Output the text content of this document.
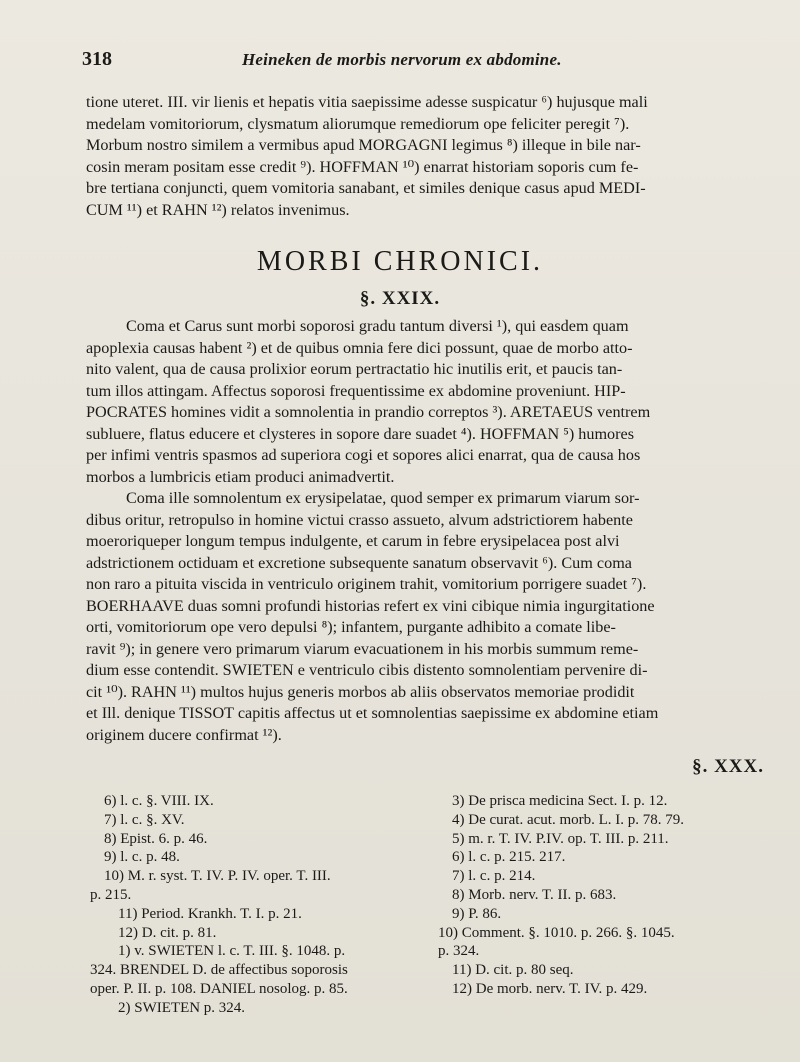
318	Heineken de morbis nervorum ex abdomine.
tione uteret. III. vir lienis et hepatis vitia saepissime adesse suspicatur ⁶) hujusque mali
medelam vomitoriorum, clysmatum aliorumque remediorum ope feliciter peregit ⁷).
Morbum nostro similem a vermibus apud MORGAGNI legimus ⁸) illeque in bile nar-
cosin meram positam esse credit ⁹). HOFFMAN ¹⁰) enarrat historiam soporis cum fe-
bre tertiana conjuncti, quem vomitoria sanabant, et similes denique casus apud MEDI-
CUM ¹¹) et RAHN ¹²) relatos invenimus.
MORBI CHRONICI.
§. XXIX.
Coma et Carus sunt morbi soporosi gradu tantum diversi ¹), qui easdem quam
apoplexia causas habent ²) et de quibus omnia fere dici possunt, quae de morbo atto-
nito valent, qua de causa prolixior eorum pertractatio hic inutilis erit, et paucis tan-
tum illos attingam. Affectus soporosi frequentissime ex abdomine proveniunt. HIP-
POCRATES homines vidit a somnolentia in prandio correptos ³). ARETAEUS ventrem
subluere, flatus educere et clysteres in sopore dare suadet ⁴). HOFFMAN ⁵) humores
per infimi ventris spasmos ad superiora cogi et sopores alici enarrat, qua de causa hos
morbos a lumbricis etiam produci animadvertit.
Coma ille somnolentum ex erysipelatae, quod semper ex primarum viarum sor-
dibus oritur, retropulso in homine victui crasso assueto, alvum adstrictiorem habente
moeroriqueper longum tempus indulgente, et carum in febre erysipelacea post alvi
adstrictionem octiduam et excretione subsequente sanatum observavit ⁶). Cum coma
non raro a pituita viscida in ventriculo originem trahit, vomitorium porrigere suadet ⁷).
BOERHAAVE duas somni profundi historias refert ex vini cibique nimia ingurgitatione
orti, vomitoriorum ope vero depulsi ⁸); infantem, purgante adhibito a comate libe-
ravit ⁹); in genere vero primarum viarum evacuationem in his morbis summum reme-
dium esse contendit. SWIETEN e ventriculo cibis distento somnolentiam pervenire di-
cit ¹⁰). RAHN ¹¹) multos hujus generis morbos ab aliis observatos memoriae prodidit
et Ill. denique TISSOT capitis affectus ut et somnolentias saepissime ex abdomine etiam
originem ducere confirmat ¹²).
§. XXX.
6) l. c. §. VIII. IX.
7) l. c. §. XV.
8) Epist. 6. p. 46.
9) l. c. p. 48.
10) M. r. syst. T. IV. P. IV. oper. T. III.
p. 215.
11) Period. Krankh. T. I. p. 21.
12) D. cit. p. 81.
1) v. SWIETEN l. c. T. III. §. 1048. p.
324. BRENDEL D. de affectibus soporosis
oper. P. II. p. 108. DANIEL nosolog. p. 85.
2) SWIETEN p. 324.
3) De prisca medicina Sect. I. p. 12.
4) De curat. acut. morb. L. I. p. 78. 79.
5) m. r. T. IV. P.IV. op. T. III. p. 211.
6) l. c. p. 215. 217.
7) l. c. p. 214.
8) Morb. nerv. T. II. p. 683.
9) P. 86.
10) Comment. §. 1010. p. 266. §. 1045.
p. 324.
11) D. cit. p. 80 seq.
12) De morb. nerv. T. IV. p. 429.
